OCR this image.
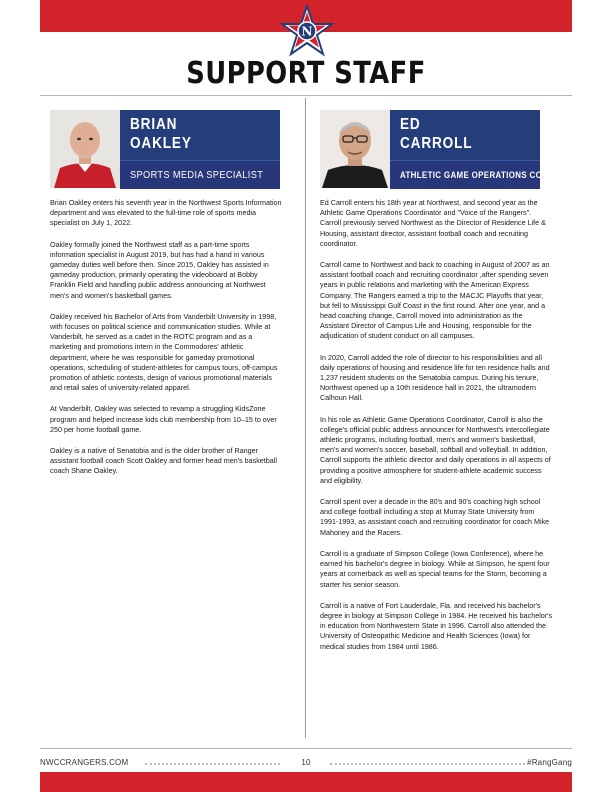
N
SUPPORT STAFF

BRIAN

OAKLEY

SPORTS MEDIA SPECIALIST

ED

CARROLL

ATHLETIC GAME OPERATIONS COORDINATOR

Brian Oakley enters his seventh year in the Northwest Sports Information department and was elevated to the full-time role of sports media specialist on July 1, 2022.

Oakley formally joined the Northwest staff as a part-time sports information specialist in August 2019, but has had a hand in various gameday duties well before then. Since 2015, Oakley has assisted in gameday production, primarily operating the videoboard at Bobby Franklin Field and handling public address announcing at Northwest men's and women's basketball games.

Oakley received his Bachelor of Arts from Vanderbilt University in 1998, with focuses on political science and communication studies. While at Vanderbilt, he served as a cadet in the ROTC program and as a marketing and promotions intern in the Commodores' athletic department, where he was responsible for gameday promotional operations, scheduling of student-athletes for campus tours, off-campus promotion of athletic contests, design of various promotional materials and retail sales of university-related apparel.

At Vanderbilt, Oakley was selected to revamp a struggling KidsZone program and helped increase kids club membership from 10–15 to over 250 per home football game.

Oakley is a native of Senatobia and is the older brother of Ranger assistant football coach Scott Oakley and former head men's basketball coach Shane Oakley.

Ed Carroll enters his 18th year at Northwest, and second year as the Athletic Game Operations Coordinator and "Voice of the Rangers". Carroll previously served Northwest as the Director of Residence Life & Housing, assistant director, assistant football coach and recruiting coordinator.

Carroll came to Northwest and back to coaching in August of 2007 as an assistant football coach and recruiting coordinator ,after spending seven years in public relations and marketing with the American Express Company. The Rangers earned a trip to the MACJC Playoffs that year, but fell to Mississippi Gulf Coast in the first round. After one year, and a head coaching change, Carroll moved into administration as the Assistant Director of Campus Life and Housing, responsible for the adjudication of student conduct on all campuses.

In 2020, Carroll added the role of director to his responsibilities and all daily operations of housing and residence life for ten residence halls and 1,237 resident students on the Senatobia campus. During his tenure, Northwest opened up a 10th residence hall in 2021, the ultramodern Calhoun Hall.

In his role as Athletic Game Operations Coordinator, Carroll is also the college's official public address announcer for Northwest's intercollegiate athletic programs, including football, men's and women's basketball, men's and women's soccer, baseball, softball and volleyball. In addition, Carroll supports the athletic director and daily operations in all aspects of providing a positive atmosphere for student-athlete academic success and eligibility.

Carroll spent over a decade in the 80's and 90's coaching high school and college football including a stop at Murray State University from 1991-1993, as assistant coach and recruiting coordinator for coach Mike Mahoney and the Racers.

Carroll is a graduate of Simpson College (Iowa Conference), where he earned his bachelor's degree in biology. While at Simpson, he spent four years at cornerback as well as special teams for the Storm, becoming a starter his senior season.

Carroll is a native of Fort Lauderdale, Fla. and received his bachelor's degree in biology at Simpson College in 1984. He received his bachelor's in education from Northwestern State in 1996. Carroll also attended the University of Osteopathic Medicine and Health Sciences (Iowa) for medical studies from 1984 until 1986.

NWCCRANGERS.COM	10	#RangGang
